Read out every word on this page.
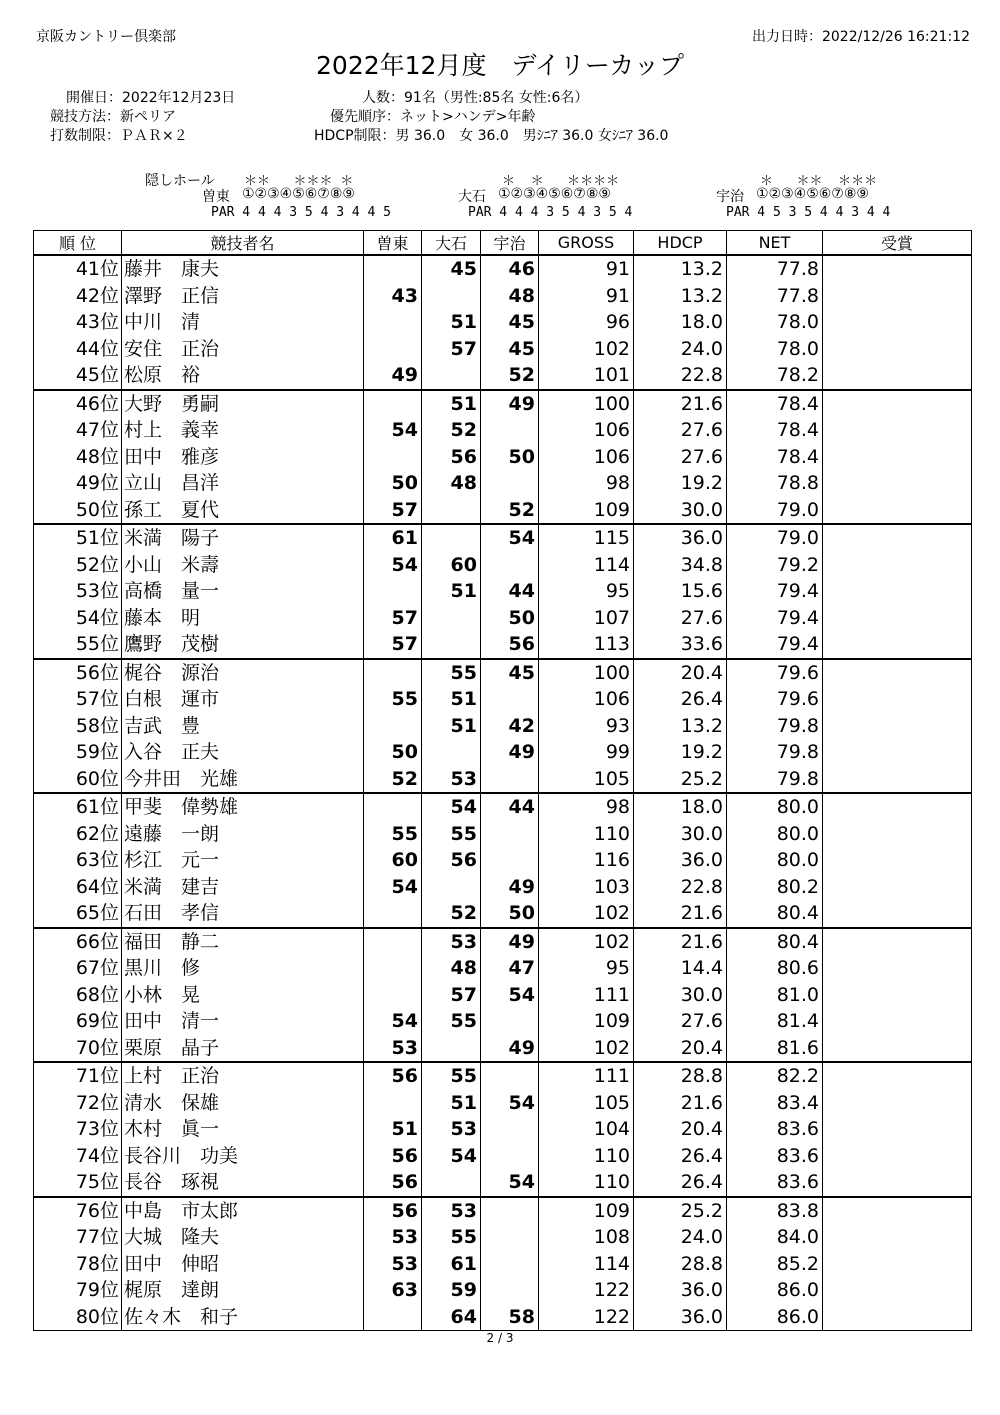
京阪カントリー倶楽部	出力日時：2022/12/26 16:21:12
2022年12月度　デイリーカップ
開催日：2022年12月23日
競技方法：新ペリア
打数制限：ＰＡＲ×２
人数：91名（男性:85名 女性:6名）
優先順序：ネット>ハンデ>年齢
HDCP制限：男 36.0　女 36.0　男ｼﾆｱ 36.0 女ｼﾆｱ 36.0
隠しホール ＊＊   ＊＊＊ ＊
曽東 ①②③④⑤⑥⑦⑧⑨
PAR 4 4 4 3 5 4 3 4 4 5
＊  ＊   ＊＊＊＊
大石 ①②③④⑤⑥⑦⑧⑨
PAR 4 4 4 3 5 4 3 5 4
＊   ＊＊  ＊＊＊
宇治 ①②③④⑤⑥⑦⑧⑨
PAR 4 5 3 5 4 4 3 4 4
順 位	競技者名	曽東	大石	宇治	GROSS	HDCP	NET	受賞
41位	藤井　康夫		45	46	91	13.2	77.8	
42位	澤野　正信	43		48	91	13.2	77.8	
43位	中川　清		51	45	96	18.0	78.0	
44位	安住　正治		57	45	102	24.0	78.0	
45位	松原　裕	49		52	101	22.8	78.2	
46位	大野　勇嗣		51	49	100	21.6	78.4	
47位	村上　義幸	54	52		106	27.6	78.4	
48位	田中　雅彦		56	50	106	27.6	78.4	
49位	立山　昌洋	50	48		98	19.2	78.8	
50位	孫工　夏代	57		52	109	30.0	79.0	
51位	米満　陽子	61		54	115	36.0	79.0	
52位	小山　米壽	54	60		114	34.8	79.2	
53位	高橋　量一		51	44	95	15.6	79.4	
54位	藤本　明	57		50	107	27.6	79.4	
55位	鷹野　茂樹	57		56	113	33.6	79.4	
56位	梶谷　源治		55	45	100	20.4	79.6	
57位	白根　運市	55	51		106	26.4	79.6	
58位	吉武　豊		51	42	93	13.2	79.8	
59位	入谷　正夫	50		49	99	19.2	79.8	
60位	今井田　光雄	52	53		105	25.2	79.8	
61位	甲斐　偉勢雄		54	44	98	18.0	80.0	
62位	遠藤　一朗	55	55		110	30.0	80.0	
63位	杉江　元一	60	56		116	36.0	80.0	
64位	米満　建吉	54		49	103	22.8	80.2	
65位	石田　孝信		52	50	102	21.6	80.4	
66位	福田　静二		53	49	102	21.6	80.4	
67位	黒川　修		48	47	95	14.4	80.6	
68位	小林　晃		57	54	111	30.0	81.0	
69位	田中　清一	54	55		109	27.6	81.4	
70位	栗原　晶子	53		49	102	20.4	81.6	
71位	上村　正治	56	55		111	28.8	82.2	
72位	清水　保雄		51	54	105	21.6	83.4	
73位	木村　眞一	51	53		104	20.4	83.6	
74位	長谷川　功美	56	54		110	26.4	83.6	
75位	長谷　琢視	56		54	110	26.4	83.6	
76位	中島　市太郎	56	53		109	25.2	83.8	
77位	大城　隆夫	53	55		108	24.0	84.0	
78位	田中　伸昭	53	61		114	28.8	85.2	
79位	梶原　達朗	63	59		122	36.0	86.0	
80位	佐々木　和子		64	58	122	36.0	86.0	
2 / 3
